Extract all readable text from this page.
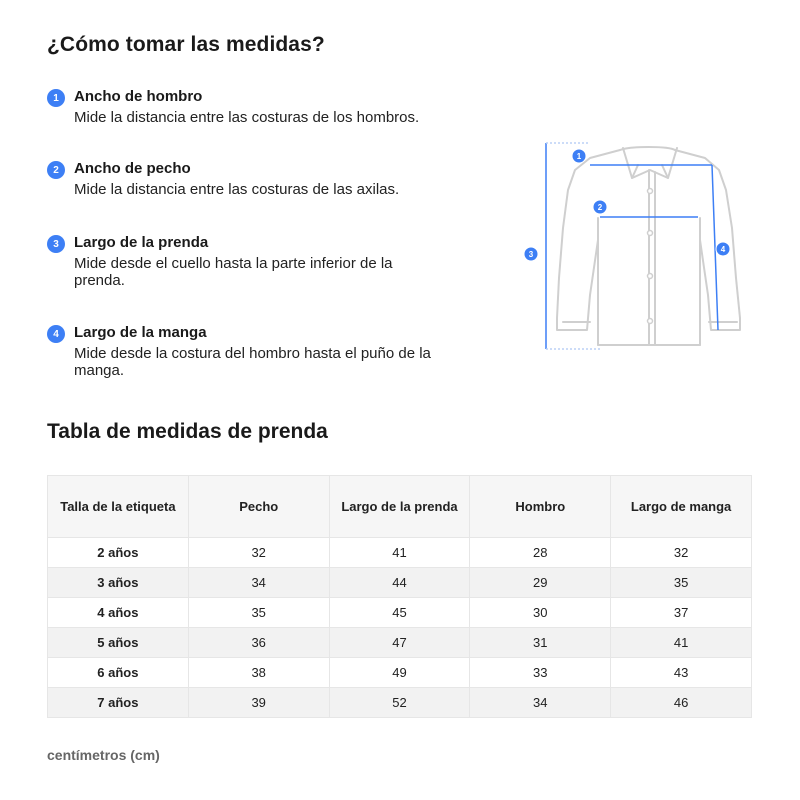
¿Cómo tomar las medidas?
1	Ancho de hombro
Mide la distancia entre las costuras de los hombros.
2	Ancho de pecho
Mide la distancia entre las costuras de las axilas.
3	Largo de la prenda
Mide desde el cuello hasta la parte inferior de la prenda.
4	Largo de la manga
Mide desde la costura del hombro hasta el puño de la manga.
1
2
3
4
Tabla de medidas de prenda
Talla de la etiqueta	Pecho	Largo de la prenda	Hombro	Largo de manga
2 años	32	41	28	32
3 años	34	44	29	35
4 años	35	45	30	37
5 años	36	47	31	41
6 años	38	49	33	43
7 años	39	52	34	46
centímetros (cm)
